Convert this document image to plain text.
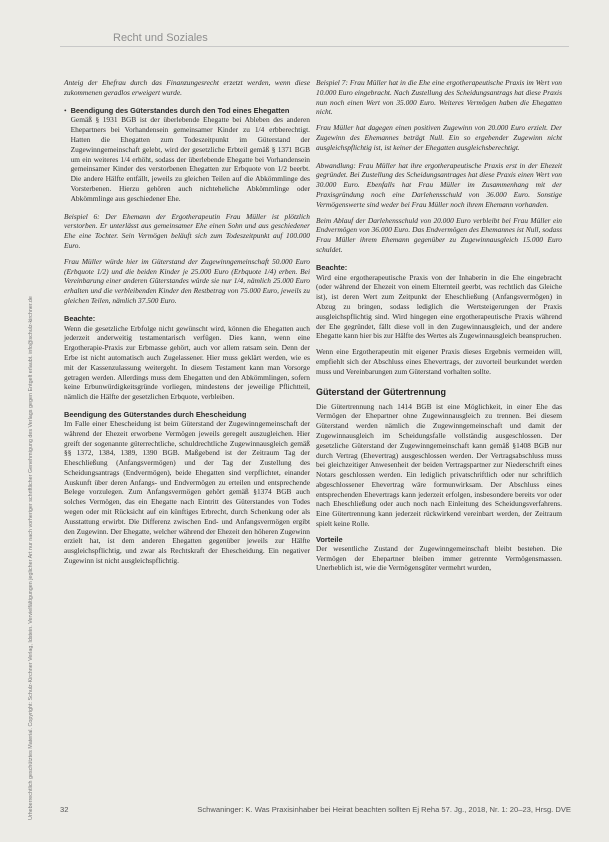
Recht und Soziales
Urheberrechtlich geschütztes Material. Copyright: Schulz-Kirchner Verlag, Idstein. Vervielfältigungen jeglicher Art nur nach vorheriger schriftlicher Genehmigung des Verlags gegen Entgelt erlaubt. info@schulz-kirchner.de

Anteig der Ehefrau durch das Finanzungesrecht erzetzt werden, wenn diese zukommenen geradlos erweigert wurde.

• Beendigung des Güterstandes durch den Tod eines Ehegatten
Gemäß § 1931 BGB ist der überlebende Ehegatte bei Ableben des anderen Ehepartners bei Vorhandensein gemeinsamer Kinder zu 1/4 erbberechtigt. Hatten die Ehegatten zum Todeszeitpunkt im Güterstand der Zugewinngemeinschaft gelebt, wird der gesetzliche Erbteil gemäß § 1371 BGB um ein weiteres 1/4 erhöht, sodass der überlebende Ehegatte bei Vorhandensein gemeinsamer Kinder des verstorbenen Ehegatten zur Erbquote von 1/2 beerbt. Die andere Hälfte entfällt, jeweils zu gleichen Teilen auf die Abkömmlinge des Vorsterbenen. Hierzu gehören auch nichteheliche Abkömmlinge oder Abkömmlinge aus geschiedener Ehe.

Beispiel 6: Der Ehemann der Ergotherapeutin Frau Müller ist plötzlich verstorben. Er unterlässt aus gemeinsamer Ehe einen Sohn und aus geschiedener Ehe eine Tochter. Sein Vermögen beläuft sich zum Todeszeitpunkt auf 100.000 Euro.

Frau Müller würde hier im Güterstand der Zugewinngemeinschaft 50.000 Euro (Erbquote 1/2) und die beiden Kinder je 25.000 Euro (Erbquote 1/4) erben. Bei Vereinbarung einer anderen Güterstandes würde sie nur 1/4, nämlich 25.000 Euro erhalten und die verbleibenden Kinder den Restbetrag von 75.000 Euro, jeweils zu gleichen Teilen, nämlich 37.500 Euro.

Beachte:
Wenn die gesetzliche Erbfolge nicht gewünscht wird, können die Ehegatten auch jederzeit anderweitig testamentarisch verfügen. Dies kann, wenn eine Ergotherapie-Praxis zur Erbmasse gehört, auch vor allem ratsam sein. Denn der Erbe ist nicht automatisch auch Zugelassener. Hier muss geklärt werden, wie es mit der Kassenzulassung weitergeht. In diesem Testament kann man Vorsorge getragen werden. Allerdings muss dem Ehegatten und den Abkömmlingen, sofern keine Erbunwürdigkeitsgründe vorliegen, mindestens der jeweilige Pflichtteil, nämlich die Hälfte der gesetzlichen Erbquote, verbleiben.

Beendigung des Güterstandes durch Ehescheidung

Im Falle einer Ehescheidung ist beim Güterstand der Zugewinngemeinschaft der während der Ehezeit erworbene Vermögen jeweils geregelt auszugleichen. Hier greift der sogenannte güterrechtliche, schuldrechtliche Zugewinnausgleich gemäß §§ 1372, 1384, 1389, 1390 BGB. Maßgebend ist der Zeitraum Tag der Eheschließung (Anfangsvermögen) und der Tag der Zustellung des Scheidungsantrags (Endvermögen), beide Ehegatten sind verpflichtet, einander Auskunft über deren Anfangs- und Endvermögen zu erteilen und entsprechende Belege vorzulegen. Zum Anfangsvermögen gehört gemäß §1374 BGB auch solches Vermögen, das ein Ehegatte nach Eintritt des Güterstandes von Todes wegen oder mit Rücksicht auf ein künftiges Erbrecht, durch Schenkung oder als Ausstattung erwirbt. Die Differenz zwischen End- und Anfangsvermögen ergibt den Zugewinn. Der Ehegatte, welcher während der Ehezeit den höheren Zugewinn erzielt hat, ist dem anderen Ehegatten gegenüber jeweils zur Hälfte ausgleichspflichtig, und zwar als Rechtskraft der Ehescheidung. Ein negativer Zugewinn ist nicht ausgleichspflichtig.

Beispiel 7: Frau Müller hat in die Ehe eine ergotherapeutische Praxis im Wert von 10.000 Euro eingebracht. Nach Zustellung des Scheidungsantrags hat diese Praxis nun noch einen Wert von 35.000 Euro. Weiteres Vermögen haben die Ehegatten nicht.

Frau Müller hat dagegen einen positiven Zugewinn von 20.000 Euro erzielt. Der Zugewinn des Ehemannes beträgt Null. Ein so ergebender Zugewinn nicht ausgleichspflichtig ist, ist keiner der Ehegatten ausgleichsberechtigt.

Abwandlung: Frau Müller hat ihre ergotherapeutische Praxis erst in der Ehezeit gegründet. Bei Zustellung des Scheidungsantrages hat diese Praxis einen Wert von 30.000 Euro. Ebenfalls hat Frau Müller im Zusammenhang mit der Praxisgründung noch eine Darlehensschuld von 36.000 Euro. Sonstige Vermögenswerte sind weder bei Frau Müller noch ihrem Ehemann vorhanden.

Beim Ablauf der Darlehensschuld von 20.000 Euro verbleibt bei Frau Müller ein Endvermögen von 36.000 Euro. Das Endvermögen des Ehemannes ist Null, sodass Frau Müller ihrem Ehemann gegenüber zu Zugewinnausgleich 15.000 Euro schuldet.

Beachte:
Wird eine ergotherapeutische Praxis von der Inhaberin in die Ehe eingebracht (oder während der Ehezeit von einem Elternteil geerbt, was rechtlich das Gleiche ist), ist deren Wert zum Zeitpunkt der Eheschließung (Anfangsvermögen) in Abzug zu bringen, sodass lediglich die Wertsteigerungen der Praxis ausgleichspflichtig sind. Wird hingegen eine ergotherapeutische Praxis während der Ehe gegründet, fällt diese voll in den Zugewinnausgleich, und der andere Ehegatte kann hier bis zur Hälfte des Wertes als Zugewinnausgleich beanspruchen.

Wenn eine Ergotherapeutin mit eigener Praxis dieses Ergebnis vermeiden will, empfiehlt sich der Abschluss eines Ehevertrags, der zuvorteil beurkundet werden muss und Vereinbarungen zum Güterstand vorhalten sollte.

Güterstand der Gütertrennung

Die Gütertrennung nach 1414 BGB ist eine Möglichkeit, in einer Ehe das Vermögen der Ehepartner ohne Zugewinnausgleich zu trennen. Bei diesem Güterstand werden nämlich die Zugewinngemeinschaft und damit der Zugewinnausgleich im Scheidungsfalle vollständig ausgeschlossen. Der gesetzliche Güterstand der Zugewinngemeinschaft kann gemäß §1408 BGB nur durch Vertrag (Ehevertrag) ausgeschlossen werden. Der Vertragsabschluss muss bei gleichzeitiger Anwesenheit der beiden Vertragspartner zur Niederschrift eines Notars geschlossen werden. Ein lediglich privatschriftlich oder nur schriftlich abgeschlossener Ehevertrag wäre formunwirksam. Der Abschluss eines entsprechenden Ehevertrags kann jederzeit erfolgen, insbesondere bereits vor oder nach Eheschließung oder auch noch nach Einleitung des Scheidungsverfahrens. Eine Gütertrennung kann jederzeit rückwirkend vereinbart werden, der Zeitraum spielt keine Rolle.

Vorteile

Der wesentliche Zustand der Zugewinngemeinschaft bleibt bestehen. Die Vermögen der Ehepartner bleiben immer getrennte Vermögensmassen. Unerheblich ist, wie die Vermögensgüter vermehrt wurden,

32	Schwaninger: K. Was Praxisinhaber bei Heirat beachten sollten Ej Reha 57. Jg., 2018, Nr. 1: 20–23, Hrsg. DVE
